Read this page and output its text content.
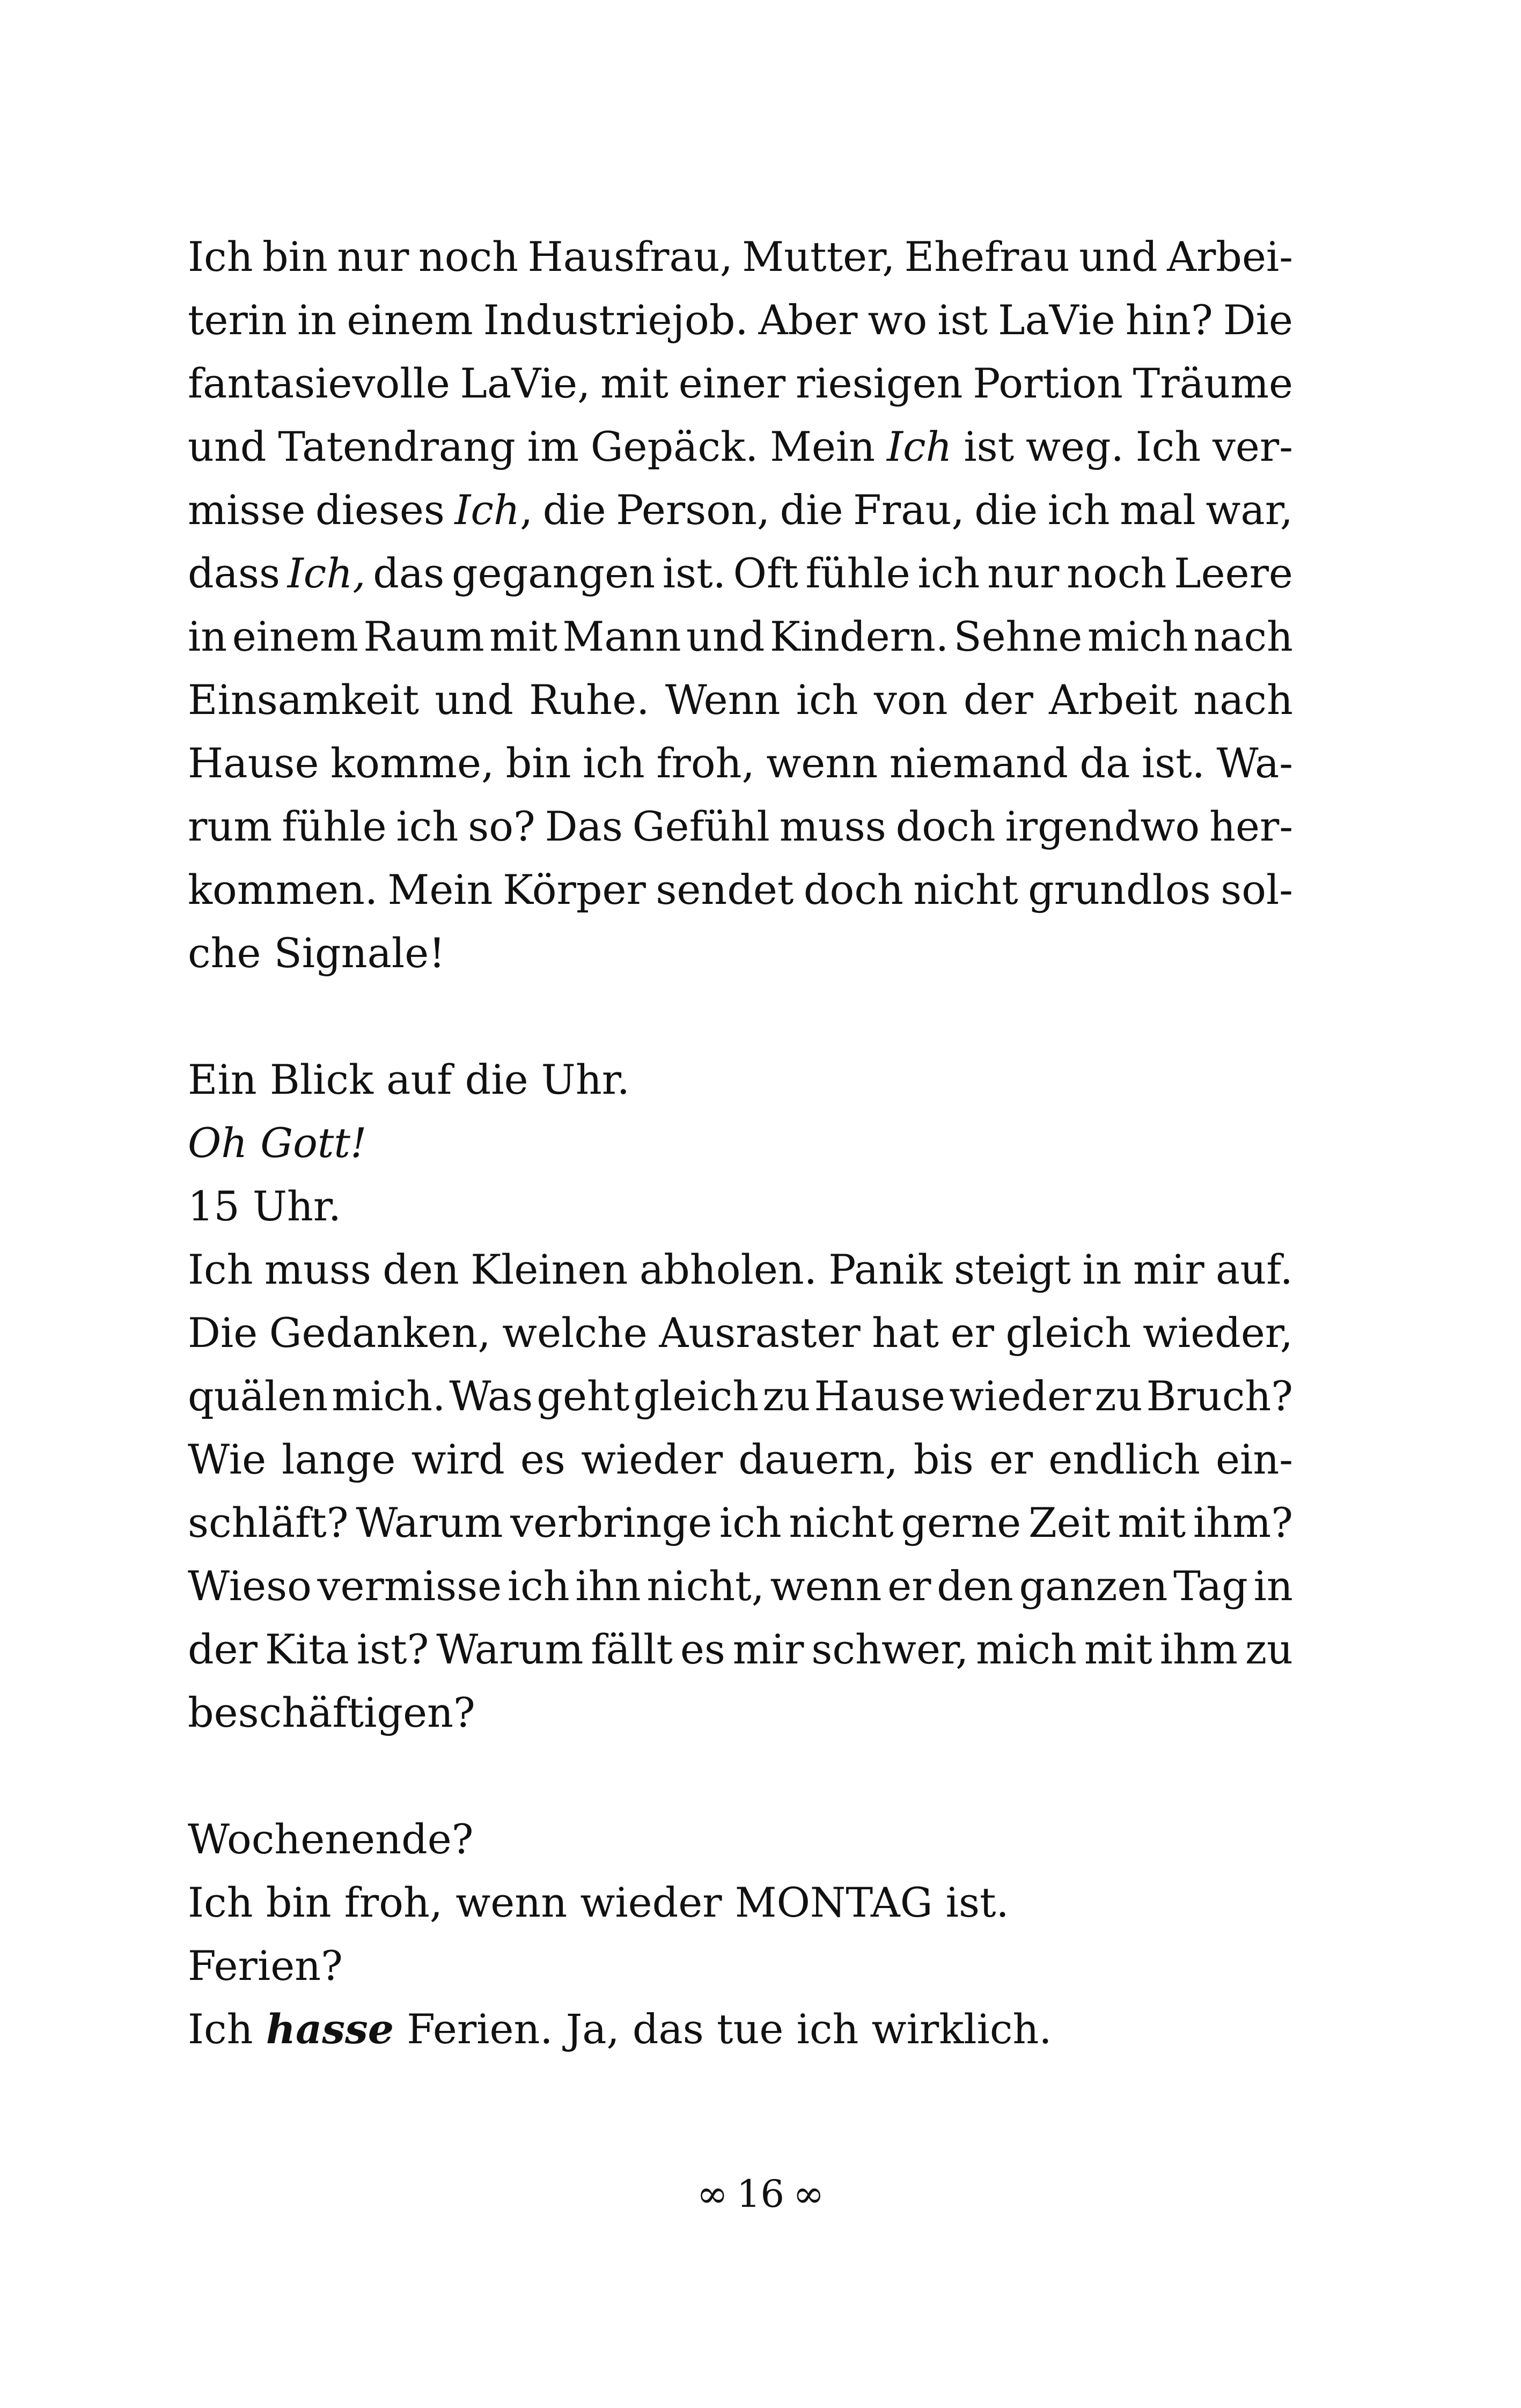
Ich bin nur noch Hausfrau, Mutter, Ehefrau und Arbei-
terin in einem Industriejob. Aber wo ist LaVie hin? Die
fantasievolle LaVie, mit einer riesigen Portion Träume
und Tatendrang im Gepäck. Mein Ich ist weg. Ich ver-
misse dieses Ich, die Person, die Frau, die ich mal war,
dass Ich, das gegangen ist. Oft fühle ich nur noch Leere
in einem Raum mit Mann und Kindern. Sehne mich nach
Einsamkeit und Ruhe. Wenn ich von der Arbeit nach
Hause komme, bin ich froh, wenn niemand da ist. Wa-
rum fühle ich so? Das Gefühl muss doch irgendwo her-
kommen. Mein Körper sendet doch nicht grundlos sol-
che Signale!
Ein Blick auf die Uhr.
Oh Gott!
15 Uhr.
Ich muss den Kleinen abholen. Panik steigt in mir auf.
Die Gedanken, welche Ausraster hat er gleich wieder,
quälen mich. Was geht gleich zu Hause wieder zu Bruch?
Wie lange wird es wieder dauern, bis er endlich ein-
schläft? Warum verbringe ich nicht gerne Zeit mit ihm?
Wieso vermisse ich ihn nicht, wenn er den ganzen Tag in
der Kita ist? Warum fällt es mir schwer, mich mit ihm zu
beschäftigen?
Wochenende?
Ich bin froh, wenn wieder MONTAG ist.
Ferien?
Ich hasse Ferien. Ja, das tue ich wirklich.
∞ 16 ∞
